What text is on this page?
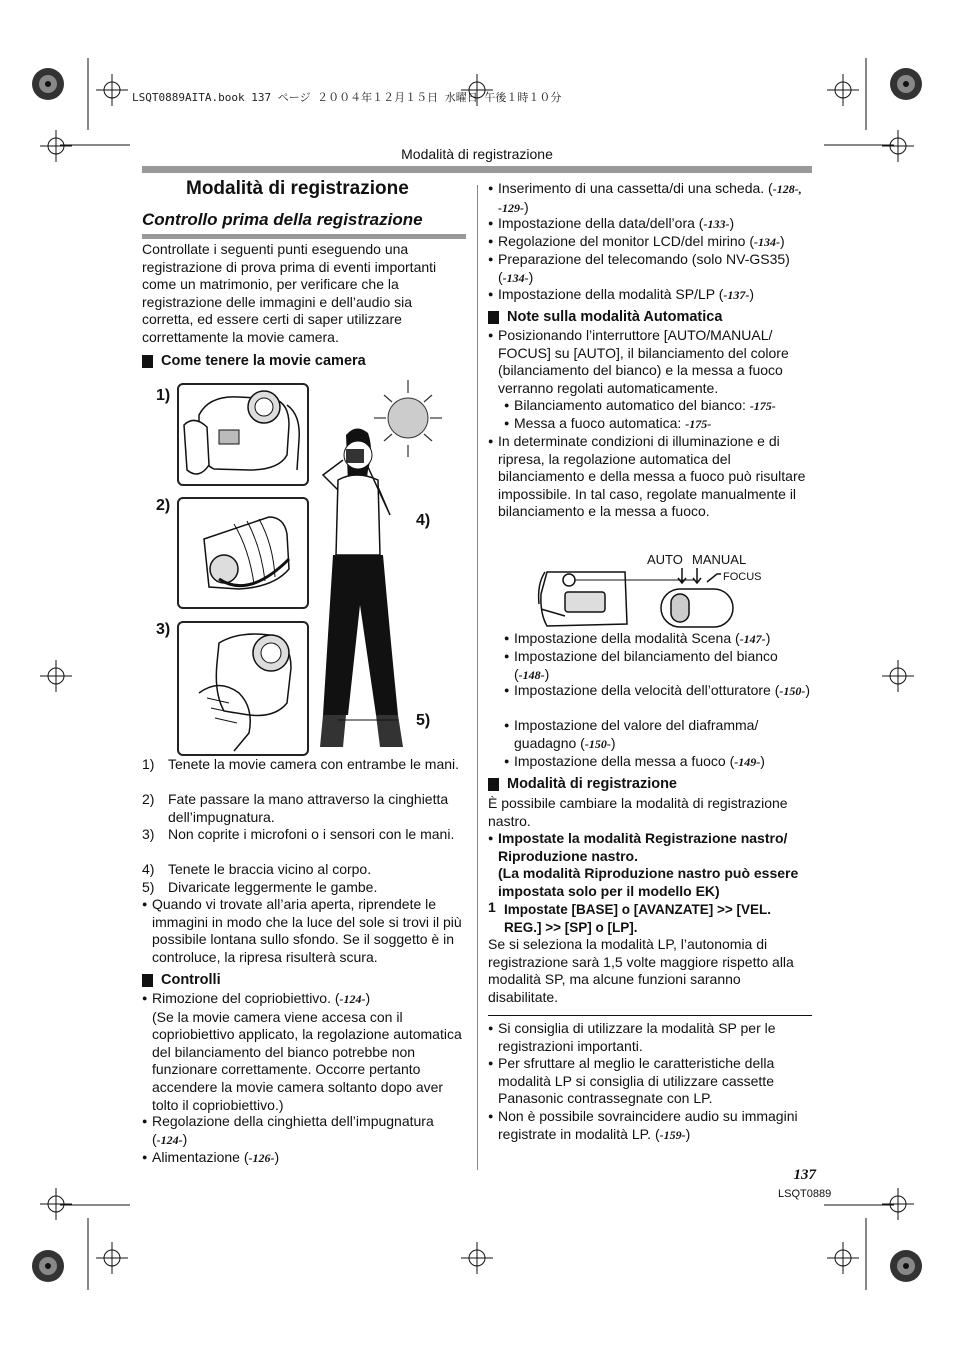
LSQT0889AITA.book 137 ページ ２００４年１２月１５日 水曜日 午後１時１０分
Modalità di registrazione
Modalità di registrazione
Controllo prima della registrazione
Controllate i seguenti punti eseguendo una registrazione di prova prima di eventi importanti come un matrimonio, per verificare che la registrazione delle immagini e dell’audio sia corretta, ed essere certi di saper utilizzare correttamente la movie camera.
Come tenere la movie camera
1)
2)
3)
4)
5)
1) Tenete la movie camera con entrambe le mani.
2) Fate passare la mano attraverso la cinghietta dell’impugnatura.
3) Non coprite i microfoni o i sensori con le mani.
4) Tenete le braccia vicino al corpo.
5) Divaricate leggermente le gambe.
● Quando vi trovate all’aria aperta, riprendete le immagini in modo che la luce del sole si trovi il più possibile lontana sullo sfondo. Se il soggetto è in controluce, la ripresa risulterà scura.
Controlli
● Rimozione del copriobiettivo. (-124-)
(Se la movie camera viene accesa con il copriobiettivo applicato, la regolazione automatica del bilanciamento del bianco potrebbe non funzionare correttamente. Occorre pertanto accendere la movie camera soltanto dopo aver tolto il copriobiettivo.)
● Regolazione della cinghietta dell’impugnatura (-124-)
● Alimentazione (-126-)
● Inserimento di una cassetta/di una scheda. (-128-, -129-)
● Impostazione della data/dell’ora (-133-)
● Regolazione del monitor LCD/del mirino (-134-)
● Preparazione del telecomando (solo NV-GS35) (-134-)
● Impostazione della modalità SP/LP (-137-)
Note sulla modalità Automatica
● Posizionando l’interruttore [AUTO/MANUAL/ FOCUS] su [AUTO], il bilanciamento del colore (bilanciamento del bianco) e la messa a fuoco verranno regolati automaticamente.
● Bilanciamento automatico del bianco: -175-
● Messa a fuoco automatica: -175-
● In determinate condizioni di illuminazione e di ripresa, la regolazione automatica del bilanciamento e della messa a fuoco può risultare impossibile. In tal caso, regolate manualmente il bilanciamento e la messa a fuoco.
AUTO MANUAL
FOCUS
● Impostazione della modalità Scena (-147-)
● Impostazione del bilanciamento del bianco (-148-)
● Impostazione della velocità dell’otturatore (-150-)
● Impostazione del valore del diaframma/ guadagno (-150-)
● Impostazione della messa a fuoco (-149-)
Modalità di registrazione
È possibile cambiare la modalità di registrazione nastro.
● Impostate la modalità Registrazione nastro/ Riproduzione nastro.
(La modalità Riproduzione nastro può essere impostata solo per il modello EK)
1 Impostate [BASE] o [AVANZATE] >> [VEL. REG.] >> [SP] o [LP].
Se si seleziona la modalità LP, l’autonomia di registrazione sarà 1,5 volte maggiore rispetto alla modalità SP, ma alcune funzioni saranno disabilitate.
● Si consiglia di utilizzare la modalità SP per le registrazioni importanti.
● Per sfruttare al meglio le caratteristiche della modalità LP si consiglia di utilizzare cassette Panasonic contrassegnate con LP.
● Non è possibile sovraincidere audio su immagini registrate in modalità LP. (-159-)
137
LSQT0889
